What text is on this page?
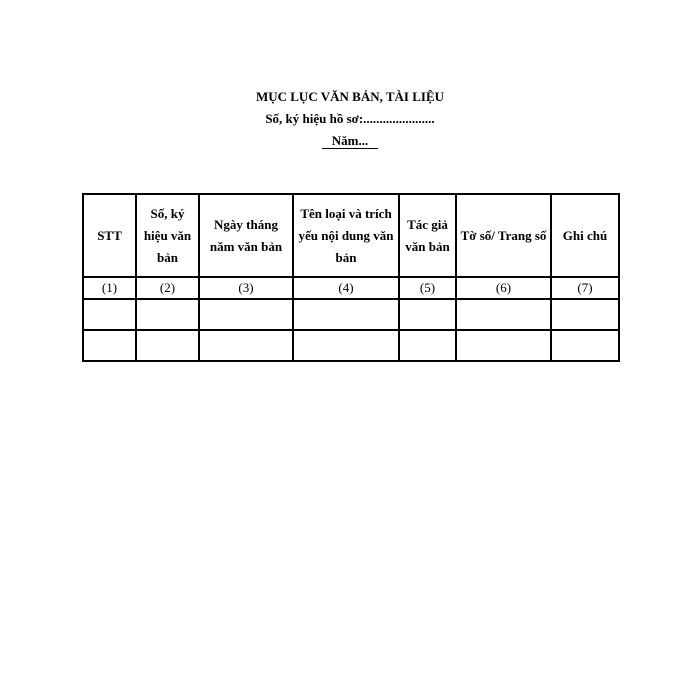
MỤC LỤC VĂN BẢN, TÀI LIỆU
Số, ký hiệu hồ sơ:......................
Năm...
STT	Số, ký hiệu văn bản	Ngày tháng năm văn bản	Tên loại và trích yếu nội dung văn bản	Tác giả văn bản	Tờ số/ Trang số	Ghi chú
(1)	(2)	(3)	(4)	(5)	(6)	(7)
